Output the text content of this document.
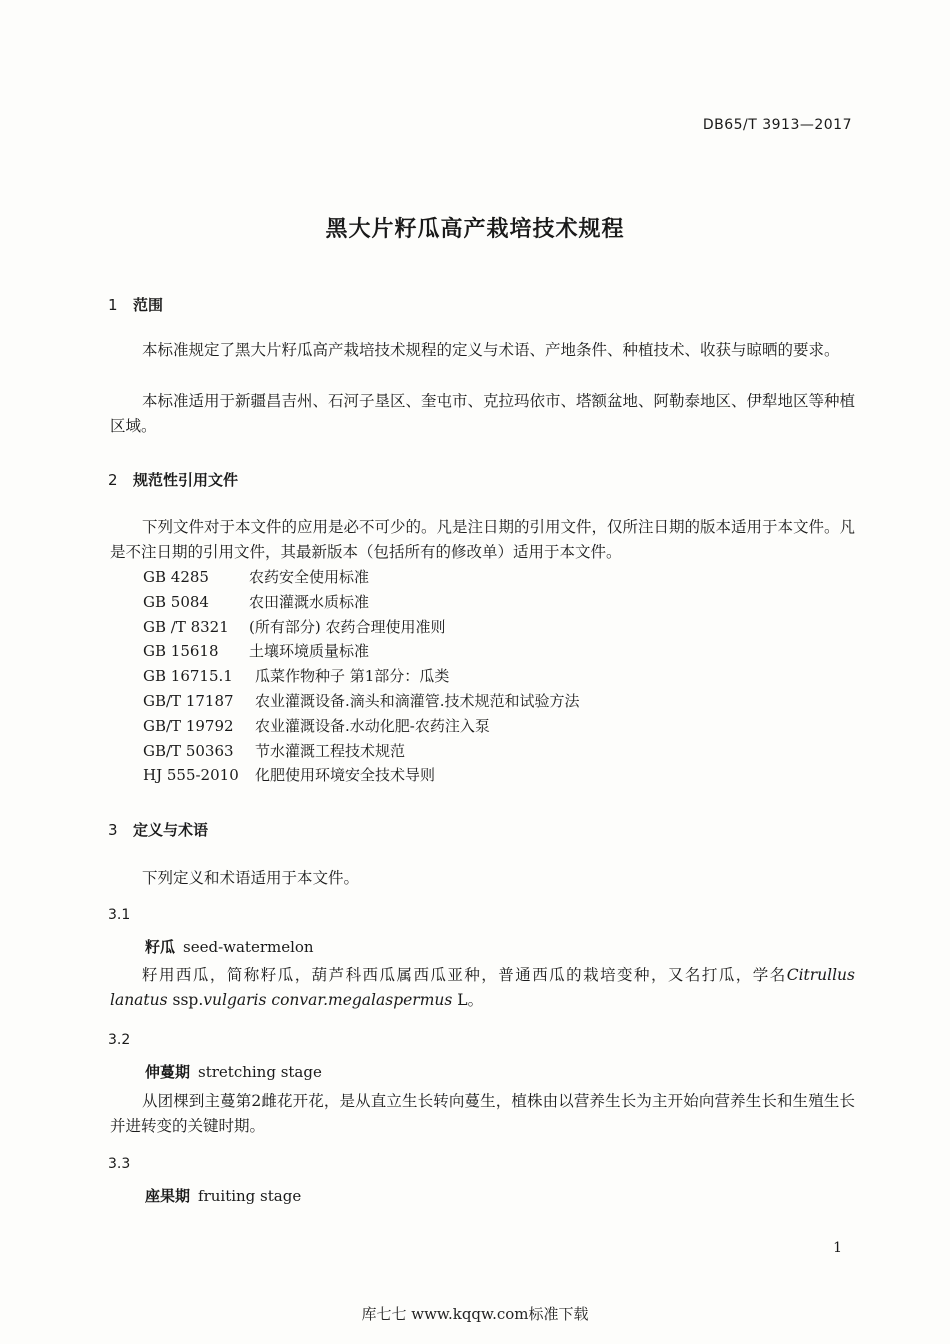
DB65/T 3913—2017
黑大片籽瓜高产栽培技术规程
1 范围

本标准规定了黑大片籽瓜高产栽培技术规程的定义与术语、产地条件、种植技术、收获与晾晒的要求。

本标准适用于新疆昌吉州、石河子垦区、奎屯市、克拉玛依市、塔额盆地、阿勒泰地区、伊犁地区等种植区域。

2 规范性引用文件

下列文件对于本文件的应用是必不可少的。凡是注日期的引用文件，仅所注日期的版本适用于本文件。凡是不注日期的引用文件，其最新版本（包括所有的修改单）适用于本文件。

GB 4285	农药安全使用标准
GB 5084	农田灌溉水质标准
GB /T 8321 (所有部分) 农药合理使用准则
GB 15618 土壤环境质量标准
GB 16715.1 瓜菜作物种子 第1部分：瓜类
GB/T 17187 农业灌溉设备.滴头和滴灌管.技术规范和试验方法
GB/T 19792 农业灌溉设备.水动化肥-农药注入泵
GB/T 50363 节水灌溉工程技术规范
HJ 555-2010 化肥使用环境安全技术导则
3 定义与术语

下列定义和术语适用于本文件。

3.1
籽瓜 seed-watermelon

籽用西瓜，简称籽瓜，葫芦科西瓜属西瓜亚种，普通西瓜的栽培变种，又名打瓜，学名Citrullus lanatus ssp.vulgaris convar.megalaspermus L。

3.2
伸蔓期 stretching stage

从团棵到主蔓第2雌花开花，是从直立生长转向蔓生，植株由以营养生长为主开始向营养生长和生殖生长并进转变的关键时期。

3.3
座果期 fruiting stage
1
库七七 www.kqqw.com标准下载
